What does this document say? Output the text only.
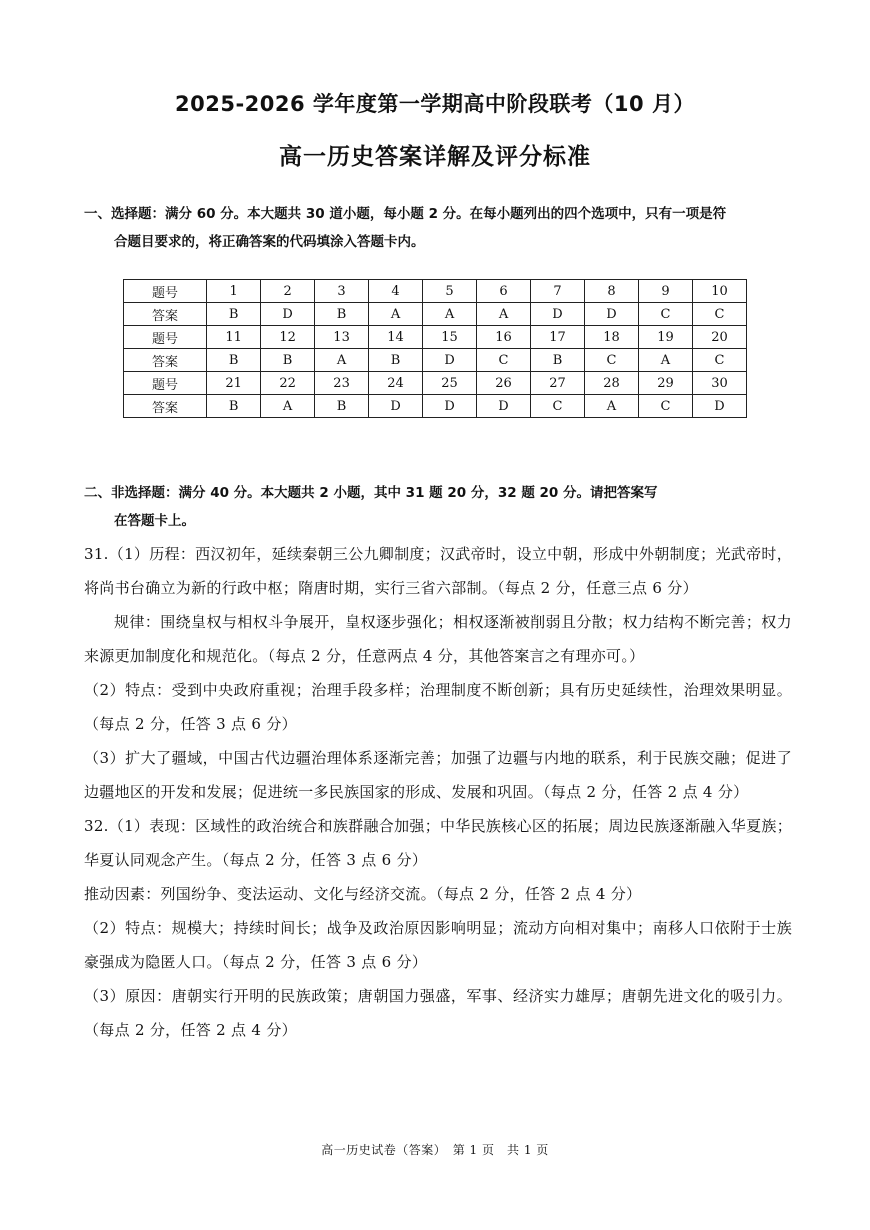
2025-2026 学年度第一学期高中阶段联考（10 月）
高一历史答案详解及评分标准
一、选择题：满分 60 分。本大题共 30 道小题，每小题 2 分。在每小题列出的四个选项中，只有一项是符
合题目要求的，将正确答案的代码填涂入答题卡内。
题号	1	2	3	4	5	6	7	8	9	10
答案	B	D	B	A	A	A	D	D	C	C
题号	11	12	13	14	15	16	17	18	19	20
答案	B	B	A	B	D	C	B	C	A	C
题号	21	22	23	24	25	26	27	28	29	30
答案	B	A	B	D	D	D	C	A	C	D
二、非选择题：满分 40 分。本大题共 2 小题，其中 31 题 20 分，32 题 20 分。请把答案写
在答题卡上。

31.（1）历程：西汉初年，延续秦朝三公九卿制度；汉武帝时，设立中朝，形成中外朝制度；光武帝时，将尚书台确立为新的行政中枢；隋唐时期，实行三省六部制。（每点 2 分，任意三点 6 分）

规律：围绕皇权与相权斗争展开，皇权逐步强化；相权逐渐被削弱且分散；权力结构不断完善；权力来源更加制度化和规范化。（每点 2 分，任意两点 4 分，其他答案言之有理亦可。）

（2）特点：受到中央政府重视；治理手段多样；治理制度不断创新；具有历史延续性，治理效果明显。（每点 2 分，任答 3 点 6 分）

（3）扩大了疆域，中国古代边疆治理体系逐渐完善；加强了边疆与内地的联系，利于民族交融；促进了边疆地区的开发和发展；促进统一多民族国家的形成、发展和巩固。（每点 2 分，任答 2 点 4 分）

32.（1）表现：区域性的政治统合和族群融合加强；中华民族核心区的拓展；周边民族逐渐融入华夏族；华夏认同观念产生。（每点 2 分，任答 3 点 6 分）

推动因素：列国纷争、变法运动、文化与经济交流。（每点 2 分，任答 2 点 4 分）

（2）特点：规模大；持续时间长；战争及政治原因影响明显；流动方向相对集中；南移人口依附于士族豪强成为隐匿人口。（每点 2 分，任答 3 点 6 分）

（3）原因：唐朝实行开明的民族政策；唐朝国力强盛，军事、经济实力雄厚；唐朝先进文化的吸引力。（每点 2 分，任答 2 点 4 分）

高一历史试卷（答案）　第 1 页　共 1 页
